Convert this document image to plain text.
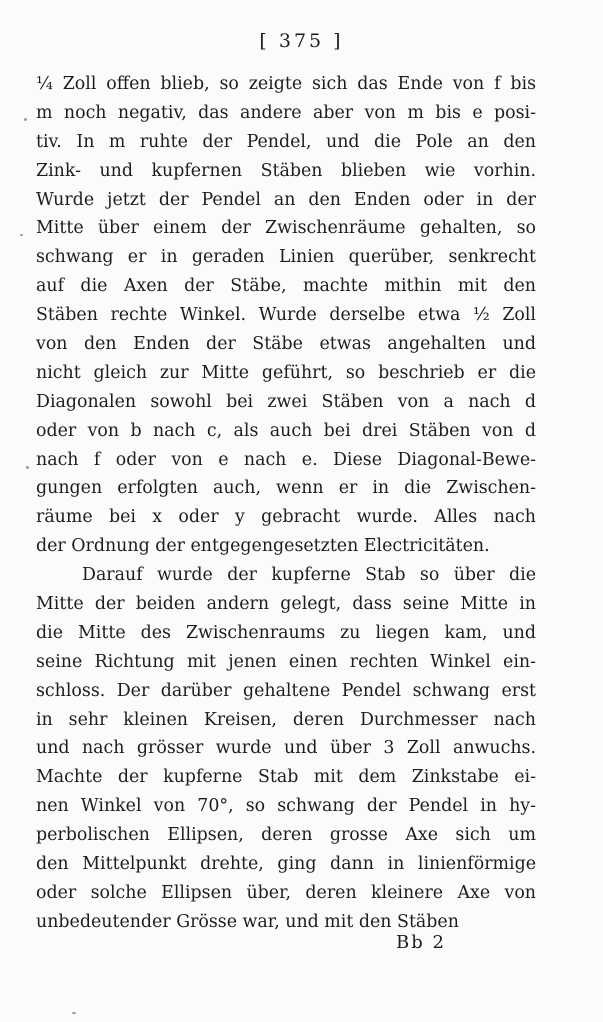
[ 375 ]
¼ Zoll offen blieb, so zeigte sich das Ende von f bis
m noch negativ, das andere aber von m bis e posi-
tiv. In m ruhte der Pendel, und die Pole an den
Zink- und kupfernen Stäben blieben wie vorhin.
Wurde jetzt der Pendel an den Enden oder in der
Mitte über einem der Zwischenräume gehalten, so
schwang er in geraden Linien querüber, senkrecht
auf die Axen der Stäbe, machte mithin mit den
Stäben rechte Winkel. Wurde derselbe etwa ½ Zoll
von den Enden der Stäbe etwas angehalten und
nicht gleich zur Mitte geführt, so beschrieb er die
Diagonalen sowohl bei zwei Stäben von a nach d
oder von b nach c, als auch bei drei Stäben von d
nach f oder von e nach e. Diese Diagonal-Bewe-
gungen erfolgten auch, wenn er in die Zwischen-
räume bei x oder y gebracht wurde. Alles nach
der Ordnung der entgegengesetzten Electricitäten.
Darauf wurde der kupferne Stab so über die
Mitte der beiden andern gelegt, dass seine Mitte in
die Mitte des Zwischenraums zu liegen kam, und
seine Richtung mit jenen einen rechten Winkel ein-
schloss. Der darüber gehaltene Pendel schwang erst
in sehr kleinen Kreisen, deren Durchmesser nach
und nach grösser wurde und über 3 Zoll anwuchs.
Machte der kupferne Stab mit dem Zinkstabe ei-
nen Winkel von 70°, so schwang der Pendel in hy-
perbolischen Ellipsen, deren grosse Axe sich um
den Mittelpunkt drehte, ging dann in linienförmige
oder solche Ellipsen über, deren kleinere Axe von
unbedeutender Grösse war, und mit den Stäben
Bb 2
